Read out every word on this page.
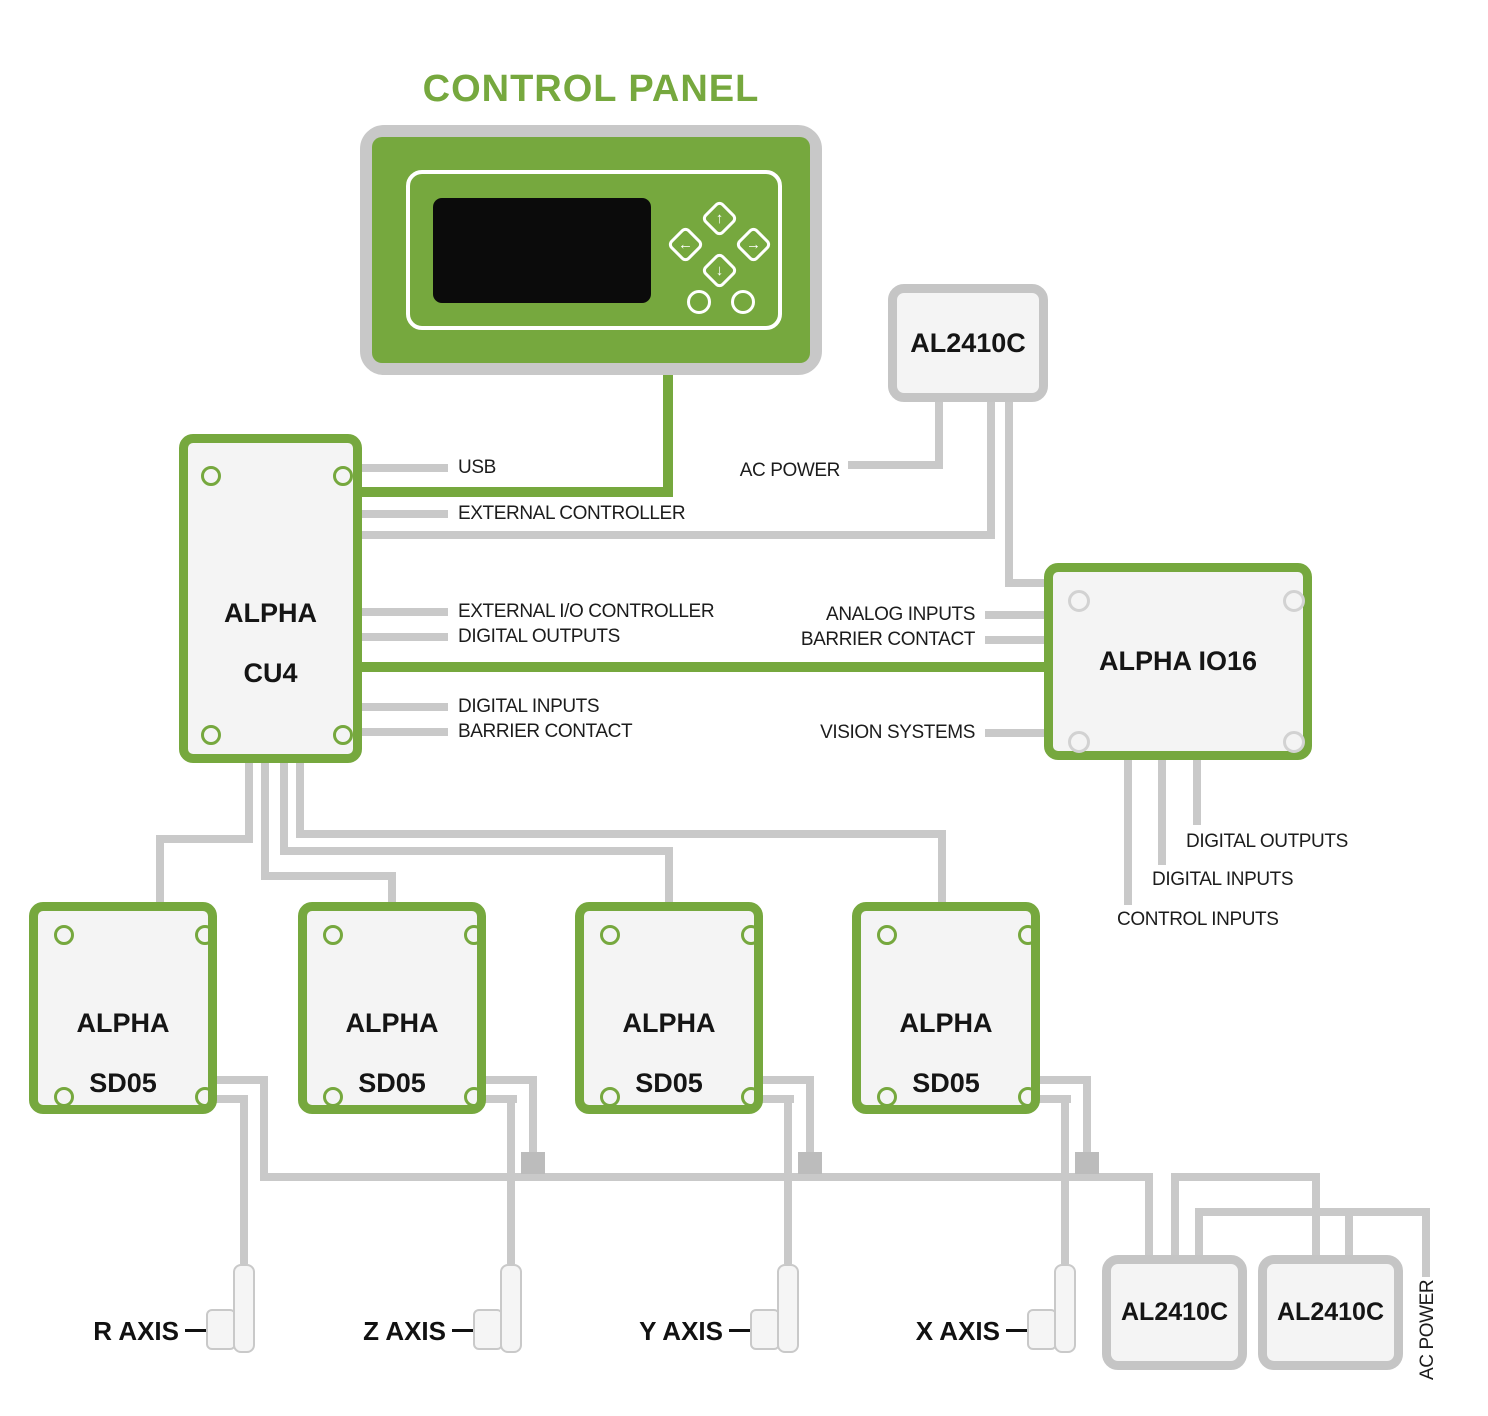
CONTROL PANEL
↑
←	→
↓
AL2410C

ALPHA

CU4	ALPHA IO16

ALPHA

SD05

ALPHA

SD05

ALPHA

SD05

ALPHA

SD05

AL2410C	AL2410C
USB	AC POWER
EXTERNAL CONTROLLER
EXTERNAL I/O CONTROLLER
DIGITAL OUTPUTS
DIGITAL INPUTS
BARRIER CONTACT
ANALOG INPUTS
BARRIER CONTACT
VISION SYSTEMS
DIGITAL OUTPUTS
DIGITAL INPUTS
CONTROL INPUTS
AC POWER
R AXIS	Z AXIS	Y AXIS	X AXIS
